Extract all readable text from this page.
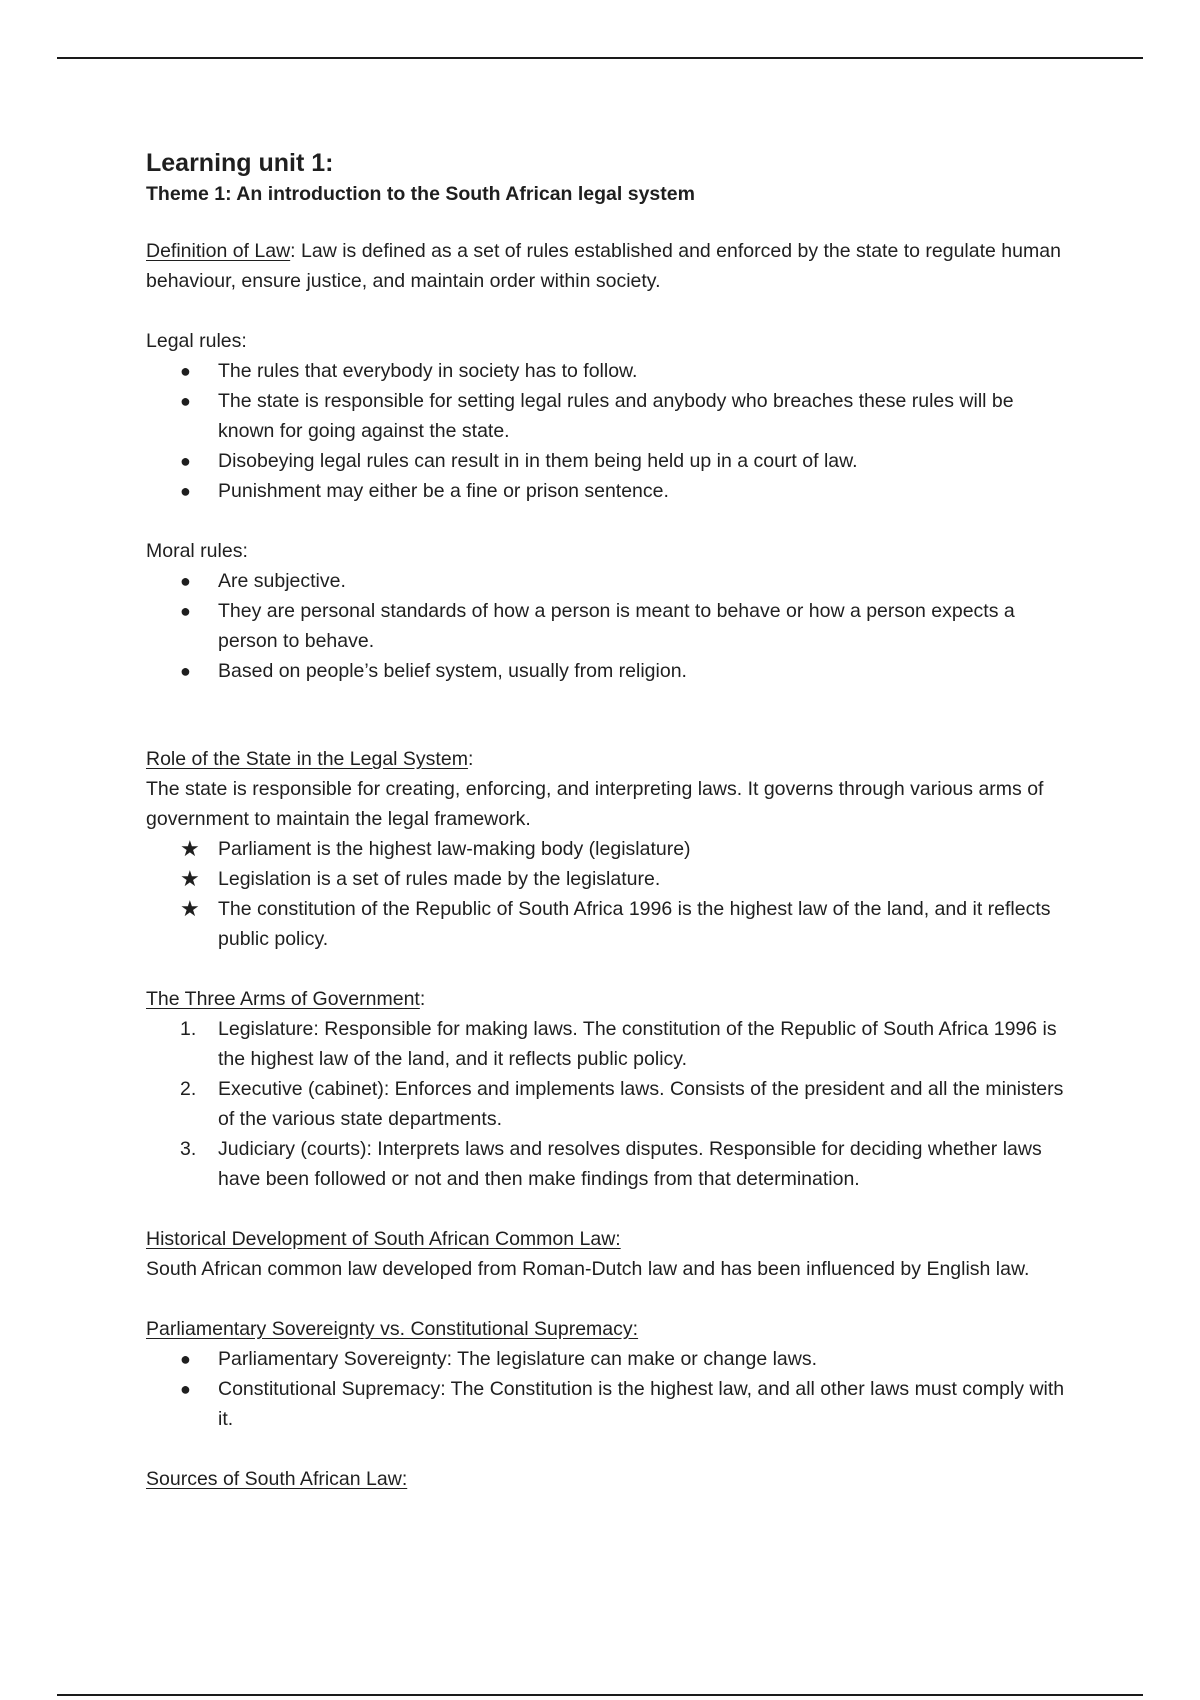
Learning unit 1:

Theme 1: An introduction to the South African legal system

Definition of Law: Law is defined as a set of rules established and enforced by the state to regulate human behaviour, ensure justice, and maintain order within society.

Legal rules:

●	The rules that everybody in society has to follow.
●	The state is responsible for setting legal rules and anybody who breaches these rules will be known for going against the state.
●	Disobeying legal rules can result in in them being held up in a court of law.
●	Punishment may either be a fine or prison sentence.

Moral rules:

●	Are subjective.
●	They are personal standards of how a person is meant to behave or how a person expects a person to behave.
●	Based on people’s belief system, usually from religion.

Role of the State in the Legal System:

The state is responsible for creating, enforcing, and interpreting laws. It governs through various arms of government to maintain the legal framework.

★ Parliament is the highest law-making body (legislature)
★ Legislation is a set of rules made by the legislature.
★ The constitution of the Republic of South Africa 1996 is the highest law of the land, and it reflects public policy.

The Three Arms of Government:

1.	Legislature: Responsible for making laws. The constitution of the Republic of South Africa 1996 is the highest law of the land, and it reflects public policy.
2.	Executive (cabinet): Enforces and implements laws. Consists of the president and all the ministers of the various state departments.
3.	Judiciary (courts): Interprets laws and resolves disputes. Responsible for deciding whether laws have been followed or not and then make findings from that determination.

Historical Development of South African Common Law:

South African common law developed from Roman-Dutch law and has been influenced by English law.

Parliamentary Sovereignty vs. Constitutional Supremacy:

●	Parliamentary Sovereignty: The legislature can make or change laws.
●	Constitutional Supremacy: The Constitution is the highest law, and all other laws must comply with it.

Sources of South African Law:
